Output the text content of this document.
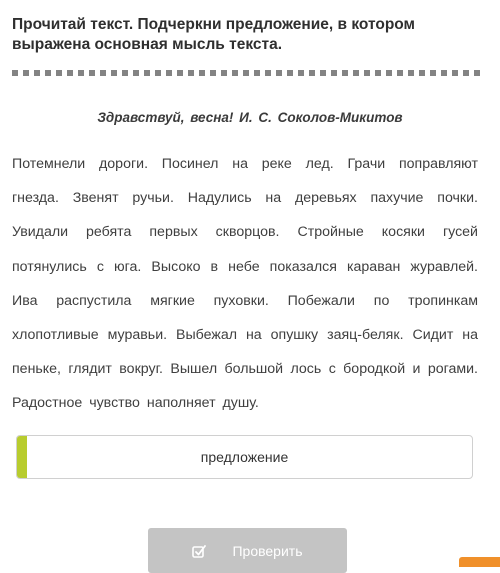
Прочитай текст. Подчеркни предложение, в котором выражена основная мысль текста.
Здравствуй, весна! И. С. Соколов-Микитов
Потемнели дороги. Посинел на реке лед. Грачи поправляют гнезда. Звенят ручьи. Надулись на деревьях пахучие почки. Увидали ребята первых скворцов. Стройные косяки гусей потянулись с юга. Высоко в небе показался караван журавлей. Ива распустила мягкие пуховки. Побежали по тропинкам хлопотливые муравьи. Выбежал на опушку заяц-беляк. Сидит на пеньке, глядит вокруг. Вышел большой лось с бородкой и рогами. Радостное чувство наполняет душу.
предложение
Проверить
